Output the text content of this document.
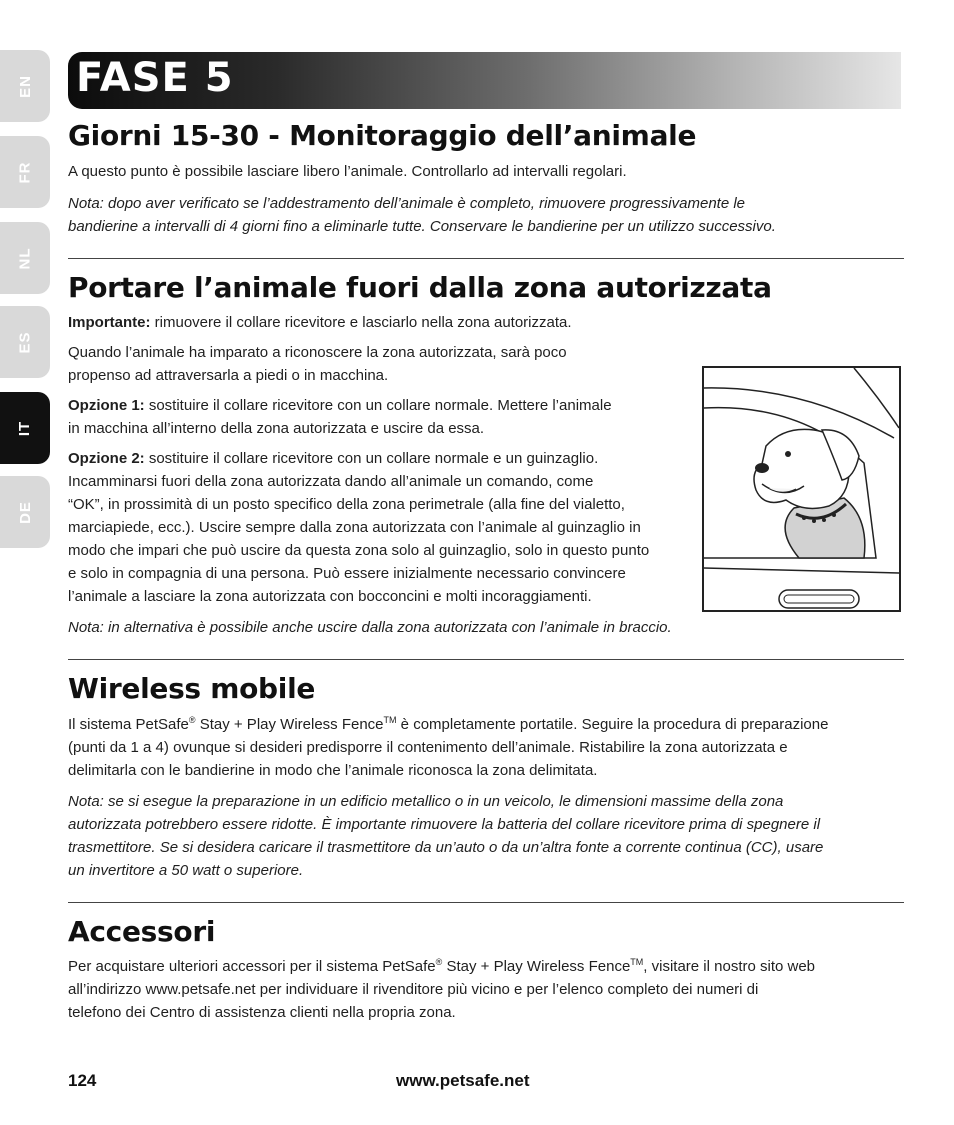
EN
FR
NL
ES
IT
DE
FASE 5
Giorni 15-30 - Monitoraggio dell’animale

A questo punto è possibile lasciare libero l’animale. Controllarlo ad intervalli regolari.

Nota: dopo aver verificato se l’addestramento dell’animale è completo, rimuovere progressivamente le
bandierine a intervalli di 4 giorni fino a eliminarle tutte. Conservare le bandierine per un utilizzo successivo.

Portare l’animale fuori dalla zona autorizzata

Importante: rimuovere il collare ricevitore e lasciarlo nella zona autorizzata.

Quando l’animale ha imparato a riconoscere la zona autorizzata, sarà poco
propenso ad attraversarla a piedi o in macchina.

Opzione 1: sostituire il collare ricevitore con un collare normale. Mettere l’animale
in macchina all’interno della zona autorizzata e uscire da essa.

Opzione 2: sostituire il collare ricevitore con un collare normale e un guinzaglio.
Incamminarsi fuori della zona autorizzata dando all’animale un comando, come
“OK”, in prossimità di un posto specifico della zona perimetrale (alla fine del vialetto,
marciapiede, ecc.). Uscire sempre dalla zona autorizzata con l’animale al guinzaglio in
modo che impari che può uscire da questa zona solo al guinzaglio, solo in questo punto
e solo in compagnia di una persona. Può essere inizialmente necessario convincere
l’animale a lasciare la zona autorizzata con bocconcini e molti incoraggiamenti.

Nota: in alternativa è possibile anche uscire dalla zona autorizzata con l’animale in braccio.

Wireless mobile

Il sistema PetSafe® Stay + Play Wireless Fence™ è completamente portatile. Seguire la procedura di preparazione
(punti da 1 a 4) ovunque si desideri predisporre il contenimento dell’animale. Ristabilire la zona autorizzata e
delimitarla con le bandierine in modo che l’animale riconosca la zona delimitata.

Nota: se si esegue la preparazione in un edificio metallico o in un veicolo, le dimensioni massime della zona
autorizzata potrebbero essere ridotte. È importante rimuovere la batteria del collare ricevitore prima di spegnere il
trasmettitore. Se si desidera caricare il trasmettitore da un’auto o da un’altra fonte a corrente continua (CC), usare
un invertitore a 50 watt o superiore.

Accessori

Per acquistare ulteriori accessori per il sistema PetSafe® Stay + Play Wireless Fence™, visitare il nostro sito web
all’indirizzo www.petsafe.net per individuare il rivenditore più vicino e per l’elenco completo dei numeri di
telefono dei Centro di assistenza clienti nella propria zona.

124	www.petsafe.net
